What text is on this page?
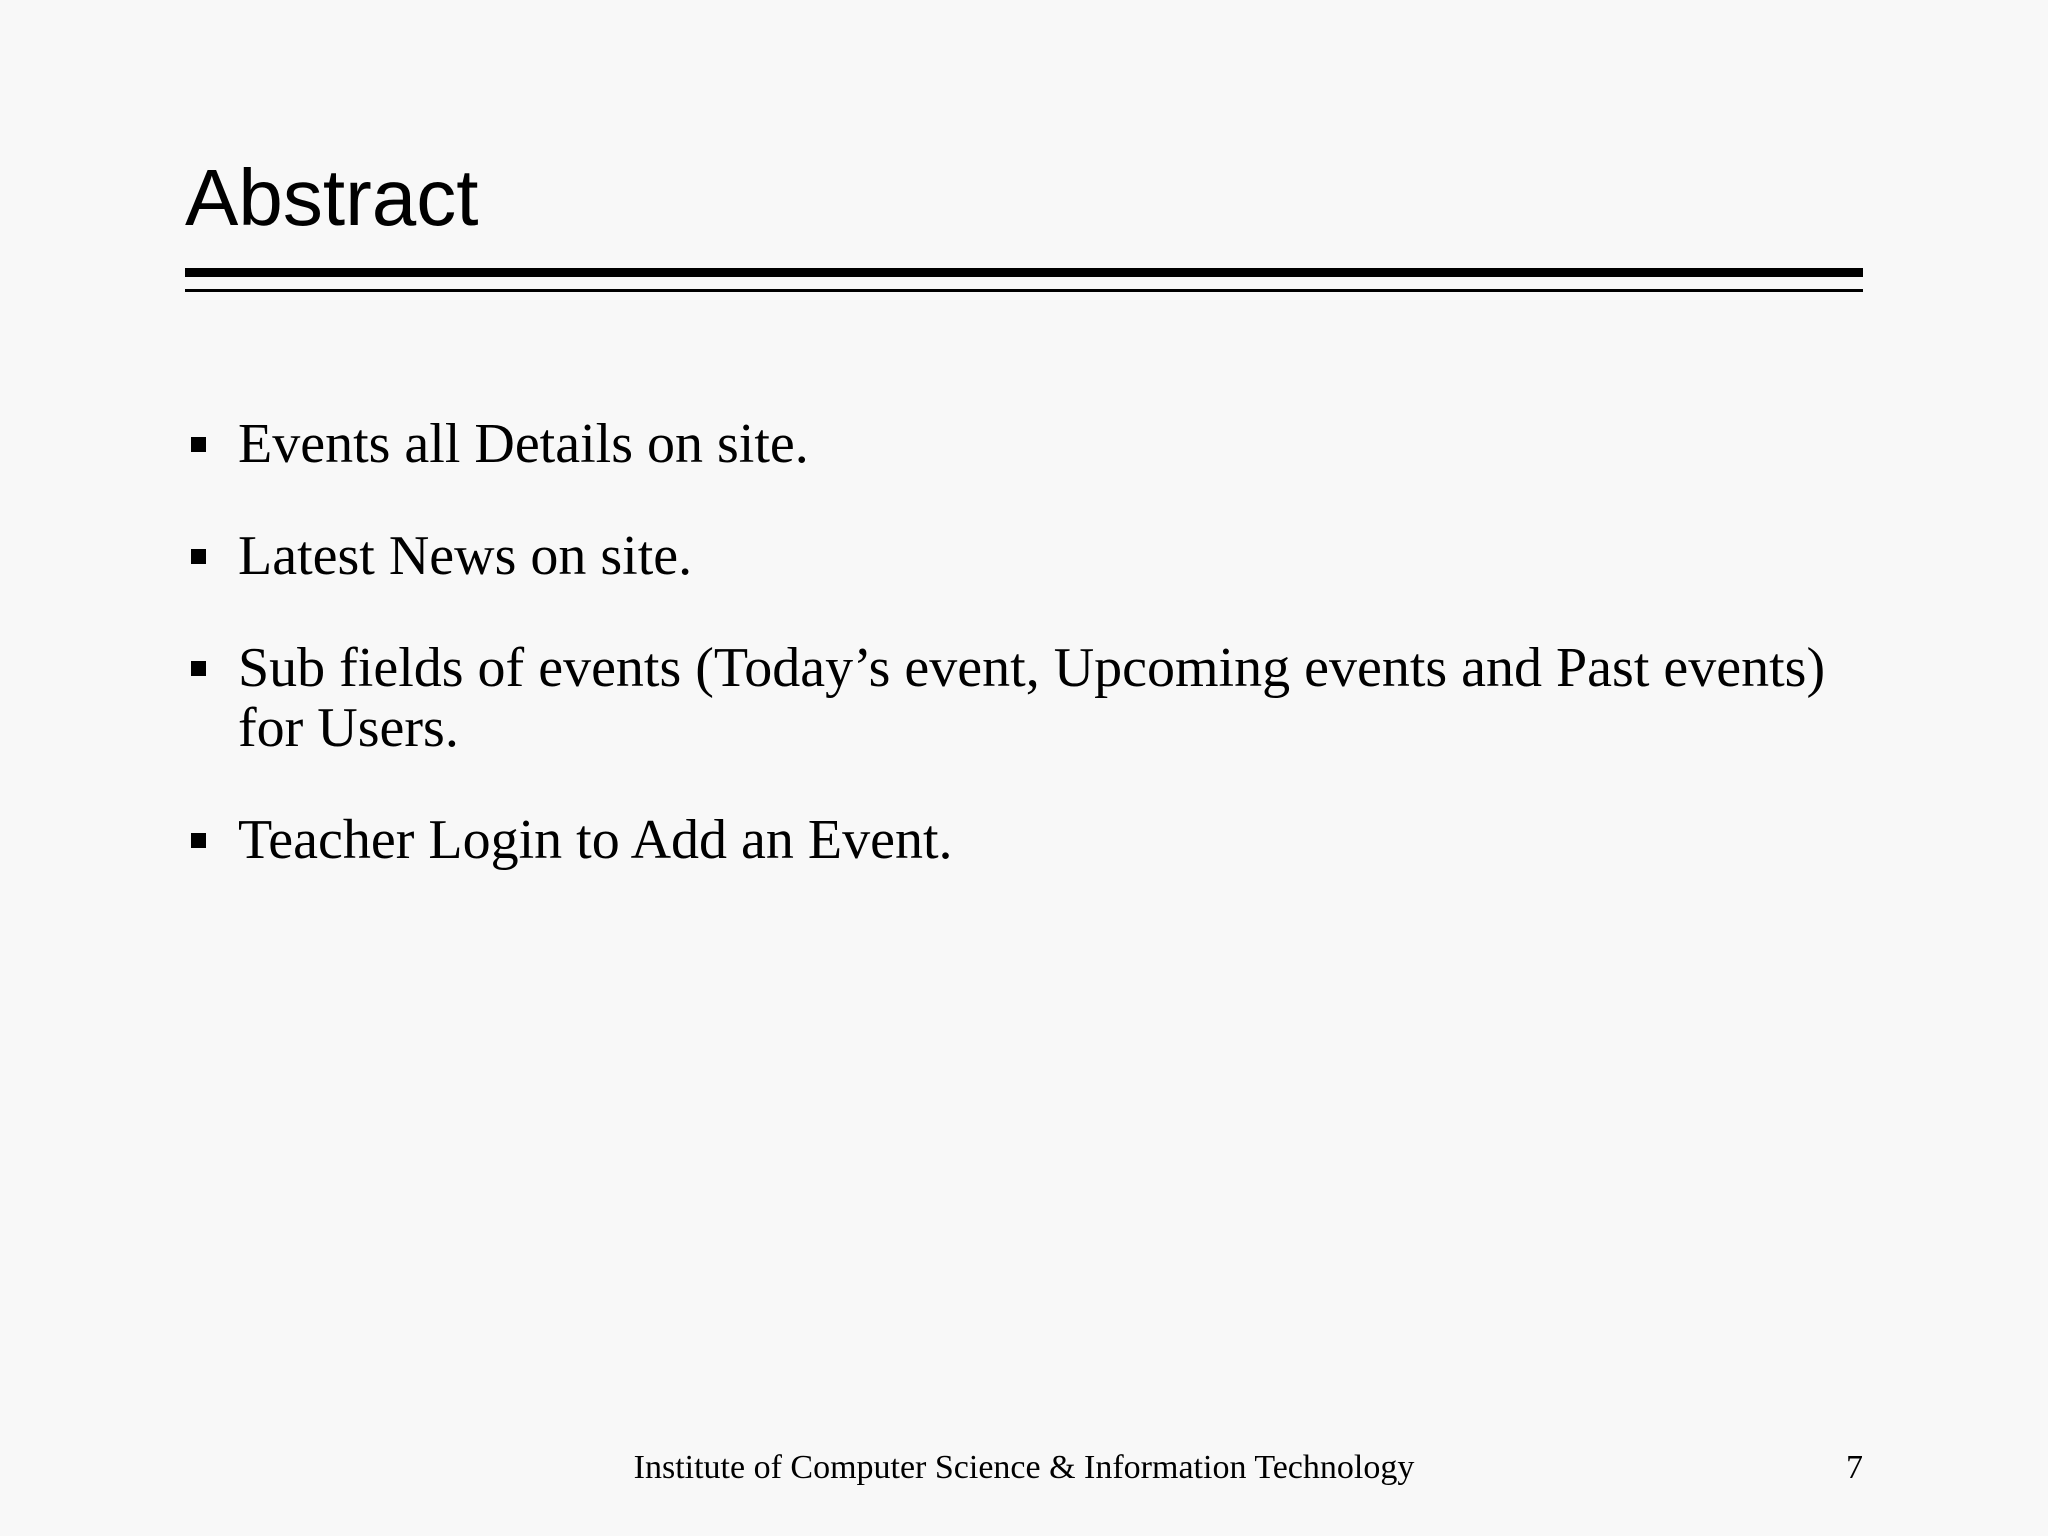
Abstract
Events all Details on site.
Latest News on site.
Sub fields of events (Today’s event, Upcoming events and Past events) for Users.
Teacher Login to Add an Event.
Institute of Computer Science & Information Technology	7
